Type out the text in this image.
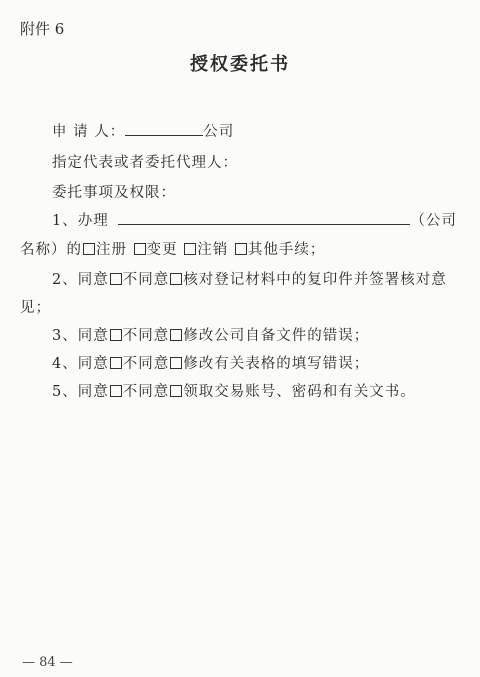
附件 6
授权委托书
申 请 人：	公司
指定代表或者委托代理人：
委托事项及权限：
1、办理	（公司
名称）的 注册 变更 注销 其他手续；
2、同意 不同意 核对登记材料中的复印件并签署核对意
见；
3、同意 不同意 修改公司自备文件的错误；
4、同意 不同意 修改有关表格的填写错误；
5、同意 不同意 领取交易账号、密码和有关文书。
— 84 —
